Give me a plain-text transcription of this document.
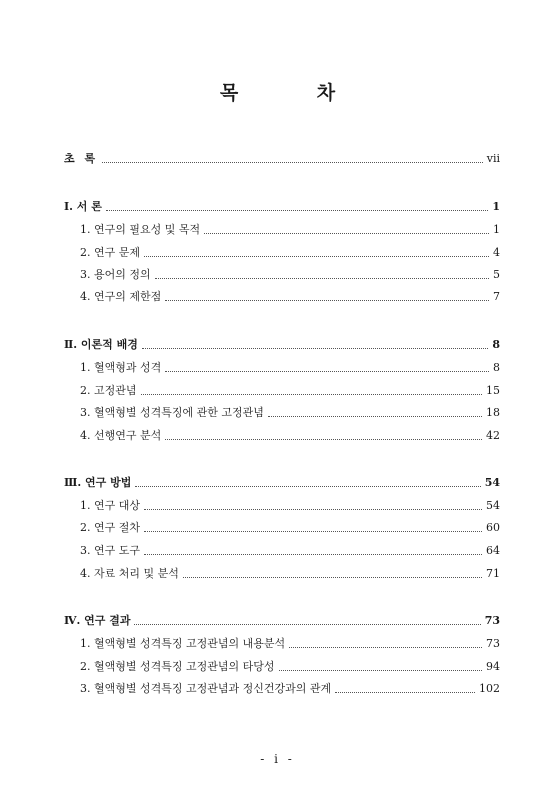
목 차
초 록	vii
Ⅰ. 서 론	1
1. 연구의 필요성 및 목적	1
2. 연구 문제	4
3. 용어의 정의	5
4. 연구의 제한점	7
Ⅱ. 이론적 배경	8
1. 혈액형과 성격	8
2. 고정관념	15
3. 혈액형별 성격특징에 관한 고정관념	18
4. 선행연구 분석	42
Ⅲ. 연구 방법	54
1. 연구 대상	54
2. 연구 절차	60
3. 연구 도구	64
4. 자료 처리 및 분석	71
Ⅳ. 연구 결과	73
1. 혈액형별 성격특징 고정관념의 내용분석	73
2. 혈액형별 성격특징 고정관념의 타당성	94
3. 혈액형별 성격특징 고정관념과 정신건강과의 관계	102
- i -
